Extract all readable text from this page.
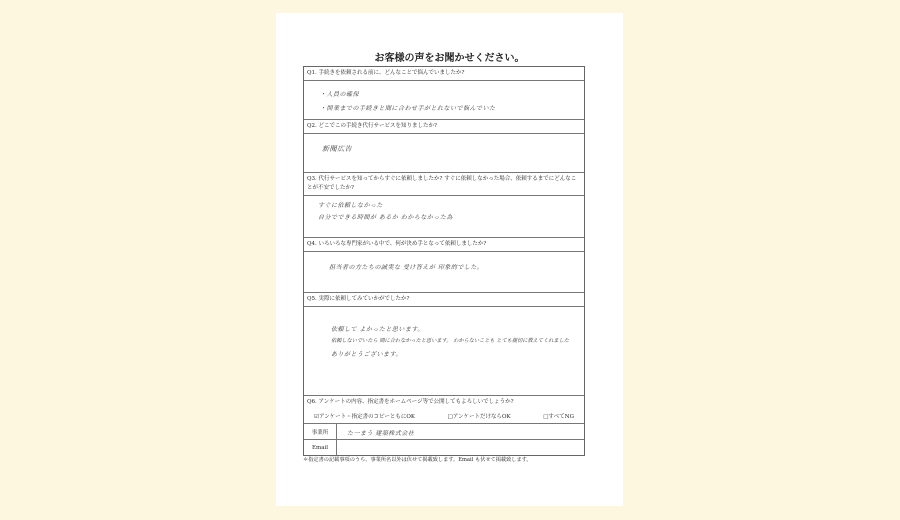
お客様の声をお聞かせください。
Q1. 手続きを依頼される前に、どんなことで悩んでいましたか?
・人員の確保
・開業までの手続きと間に合わせ手がとれないで悩んでいた
Q2. どこでこの手続き代行サービスを知りましたか?
新聞広告
Q3. 代行サービスを知ってからすぐに依頼しましたか? すぐに依頼しなかった場合、依頼するまでにどんなことが不安でしたか?
すぐに依頼しなかった
自分でできる時間が あるか わからなかった為
Q4. いろいろな専門家がいる中で、何が決め手となって依頼しましたか?
担当者の方たちの誠実な 受け答えが 印象的でした。
Q5. 実際に依頼してみていかがでしたか?
依頼して よかったと思います。
依頼しないでいたら 間に合わなかったと思います。 わからないことも とても親切に教えてくれました
ありがとうございます。
Q6. アンケートの内容、指定書をホームページ等で公開してもよろしいでしょうか?
☑アンケート・指定書のコピーともにOK	□アンケートだけならOK	□すべてNG
事業所	た一まう 建築株式会社
Email
＊指定書の記載事項のうち、事業所名以外は伏せて掲載致します。Email も伏せて掲載致します。
